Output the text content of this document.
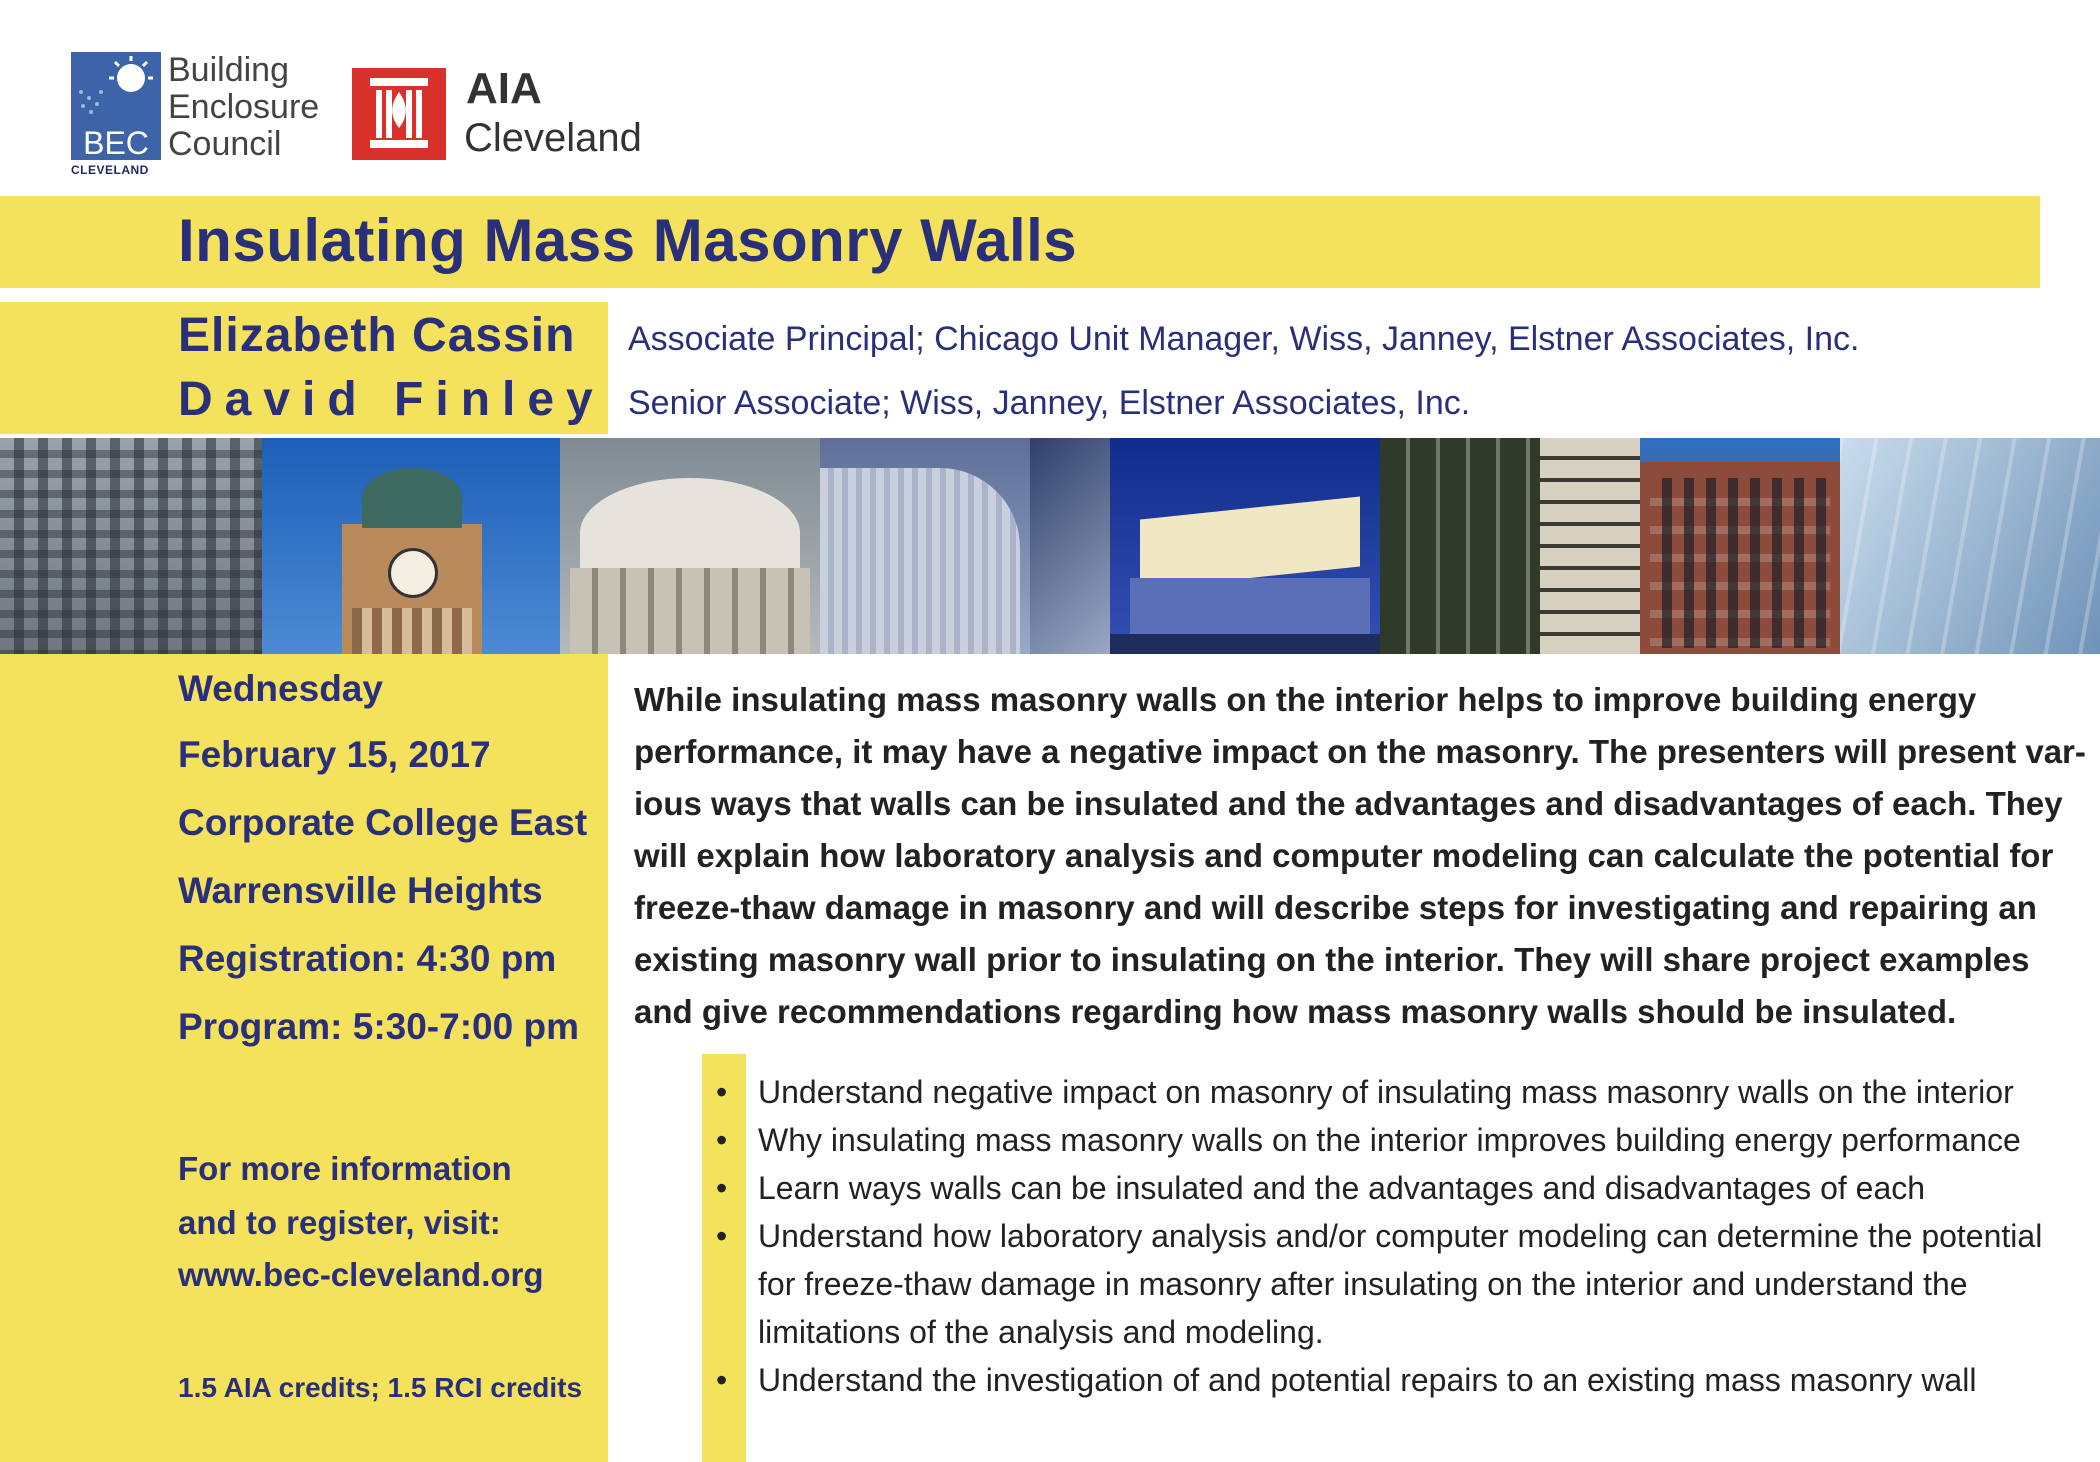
BEC
Building
Enclosure
Council
CLEVELAND
AIA
Cleveland
Insulating Mass Masonry Walls
Elizabeth Cassin
David Finley
Associate Principal; Chicago Unit Manager, Wiss, Janney, Elstner Associates, Inc.
Senior Associate; Wiss, Janney, Elstner Associates, Inc.
Wednesday
February 15, 2017
Corporate College East
Warrensville Heights
Registration: 4:30 pm
Program: 5:30-7:00 pm
For more information
and to register, visit:
www.bec-cleveland.org
1.5 AIA credits; 1.5 RCI credits

While insulating mass masonry walls on the interior helps to improve building energy

performance, it may have a negative impact on the masonry. The presenters will present var-

ious ways that walls can be insulated and the advantages and disadvantages of each. They

will explain how laboratory analysis and computer modeling can calculate the potential for

freeze-thaw damage in masonry and will describe steps for investigating and repairing an

existing masonry wall prior to insulating on the interior. They will share project examples

and give recommendations regarding how mass masonry walls should be insulated.

• Understand negative impact on masonry of insulating mass masonry walls on the interior
• Why insulating mass masonry walls on the interior improves building energy performance
• Learn ways walls can be insulated and the advantages and disadvantages of each
• Understand how laboratory analysis and/or computer modeling can determine the potential
for freeze-thaw damage in masonry after insulating on the interior and understand the
limitations of the analysis and modeling.
• Understand the investigation of and potential repairs to an existing mass masonry wall
